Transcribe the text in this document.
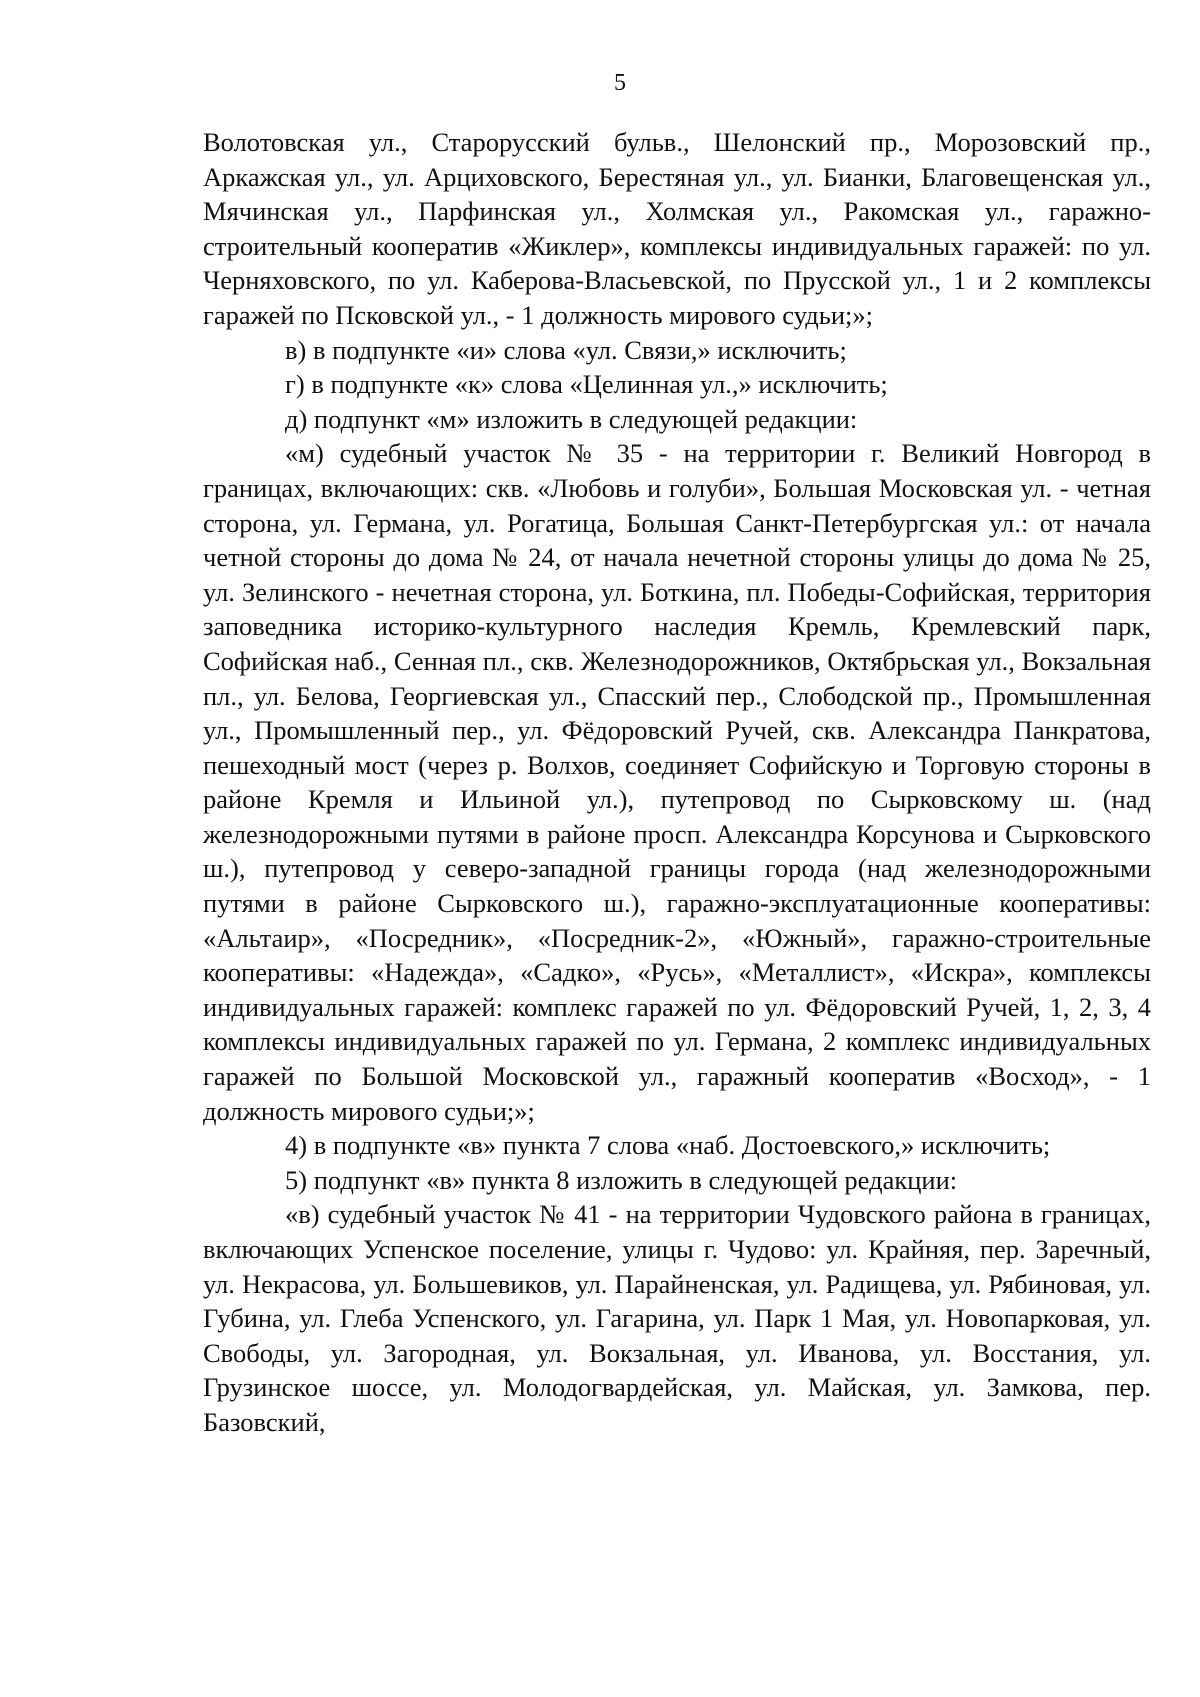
5

Волотовская ул., Старорусский бульв., Шелонский пр., Морозовский пр., Аркажская ул., ул. Арциховского, Берестяная ул., ул. Бианки, Благовещенская ул., Мячинская ул., Парфинская ул., Холмская ул., Ракомская ул., гаражно-строительный кооператив «Жиклер», комплексы индивидуальных гаражей: по ул. Черняховского, по ул. Каберова-Власьевской, по Прусской ул., 1 и 2 комплексы гаражей по Псковской ул., - 1 должность мирового судьи;»;

в) в подпункте «и» слова «ул. Связи,» исключить;

г) в подпункте «к» слова «Целинная ул.,» исключить;

д) подпункт «м» изложить в следующей редакции:

«м) судебный участок № 35 - на территории г. Великий Новгород в границах, включающих: скв. «Любовь и голуби», Большая Московская ул. - четная сторона, ул. Германа, ул. Рогатица, Большая Санкт-Петербургская ул.: от начала четной стороны до дома № 24, от начала нечетной стороны улицы до дома № 25, ул. Зелинского - нечетная сторона, ул. Боткина, пл. Победы-Софийская, территория заповедника историко-культурного наследия Кремль, Кремлевский парк, Софийская наб., Сенная пл., скв. Железнодорожников, Октябрьская ул., Вокзальная пл., ул. Белова, Георгиевская ул., Спасский пер., Слободской пр., Промышленная ул., Промышленный пер., ул. Фёдоровский Ручей, скв. Александра Панкратова, пешеходный мост (через р. Волхов, соединяет Софийскую и Торговую стороны в районе Кремля и Ильиной ул.), путепровод по Сырковскому ш. (над железнодорожными путями в районе просп. Александра Корсунова и Сырковского ш.), путепровод у северо-западной границы города (над железнодорожными путями в районе Сырковского ш.), гаражно-эксплуатационные кооперативы: «Альтаир», «Посредник», «Посредник-2», «Южный», гаражно-строительные кооперативы: «Надежда», «Садко», «Русь», «Металлист», «Искра», комплексы индивидуальных гаражей: комплекс гаражей по ул. Фёдоровский Ручей, 1, 2, 3, 4 комплексы индивидуальных гаражей по ул. Германа, 2 комплекс индивидуальных гаражей по Большой Московской ул., гаражный кооператив «Восход», - 1 должность мирового судьи;»;

4) в подпункте «в» пункта 7 слова «наб. Достоевского,» исключить;

5) подпункт «в» пункта 8 изложить в следующей редакции:

«в) судебный участок № 41 - на территории Чудовского района в границах, включающих Успенское поселение, улицы г. Чудово: ул. Крайняя, пер. Заречный, ул. Некрасова, ул. Большевиков, ул. Парайненская, ул. Радищева, ул. Рябиновая, ул. Губина, ул. Глеба Успенского, ул. Гагарина, ул. Парк 1 Мая, ул. Новопарковая, ул. Свободы, ул. Загородная, ул. Вокзальная, ул. Иванова, ул. Восстания, ул. Грузинское шоссе, ул. Молодогвардейская, ул. Майская, ул. Замкова, пер. Базовский,
